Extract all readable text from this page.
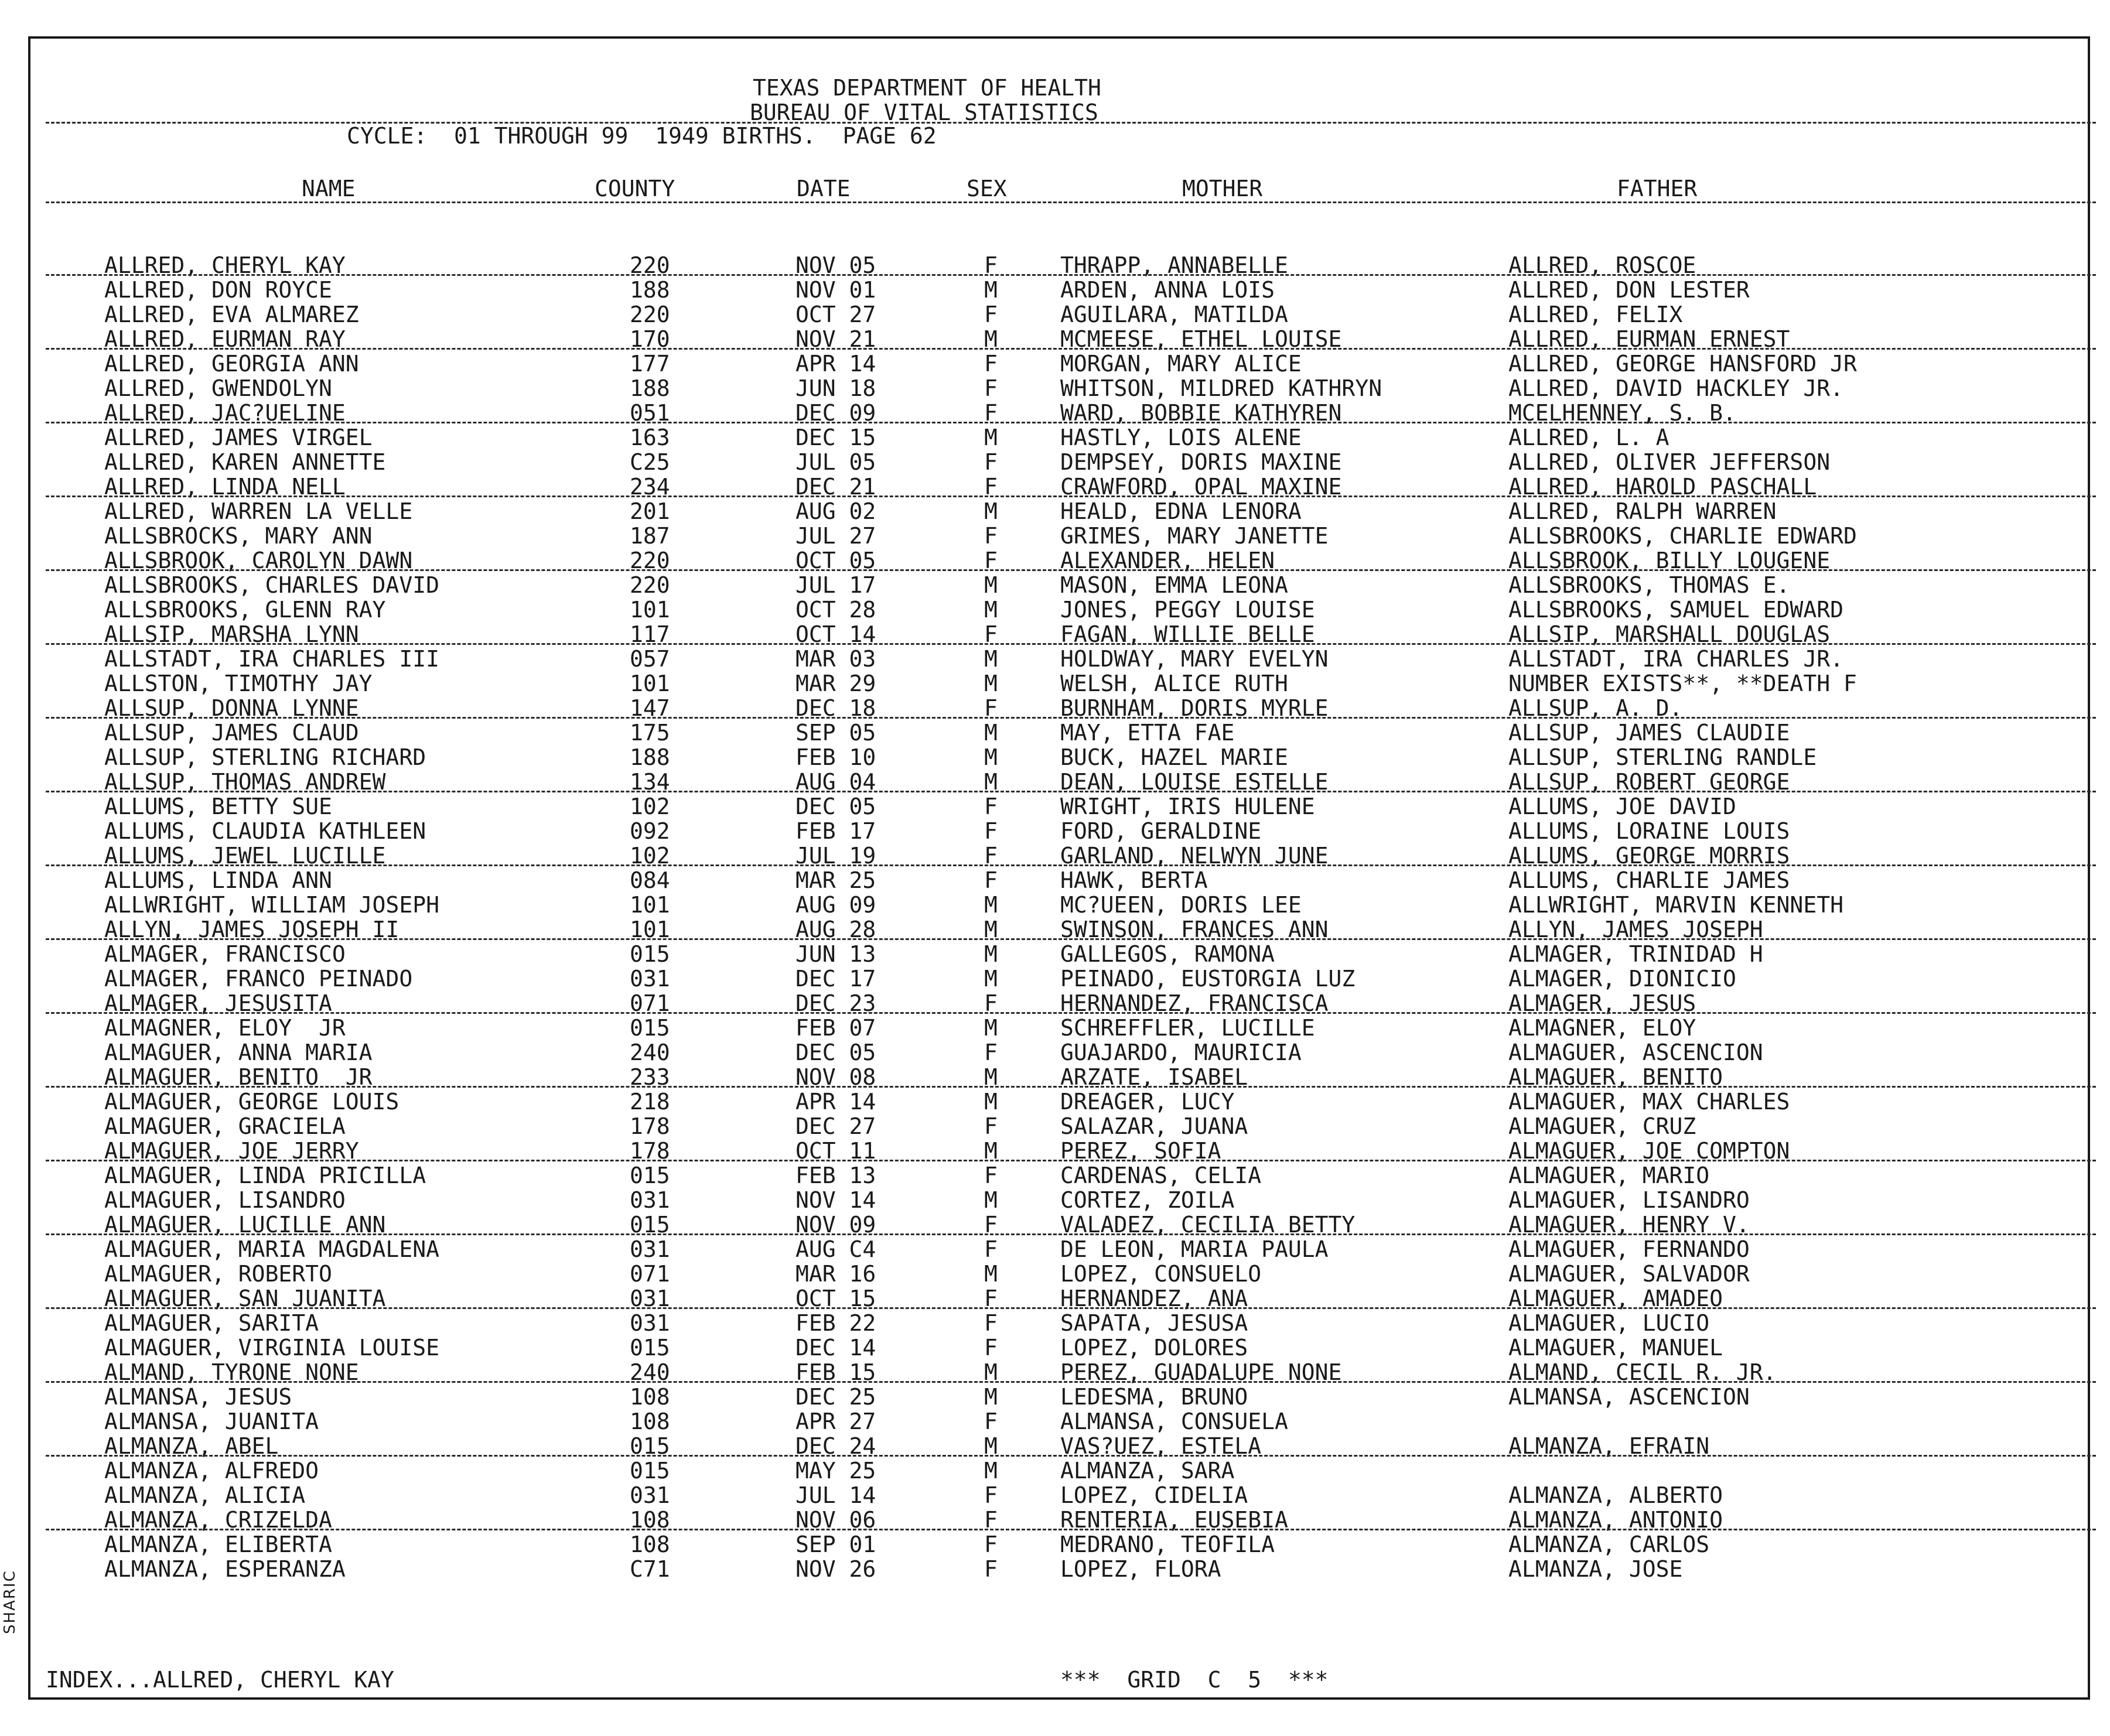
SHARIC
TEXAS DEPARTMENT OF HEALTH
BUREAU OF VITAL STATISTICS
CYCLE:  01 THROUGH 99  1949 BIRTHS.  PAGE 62
NAME	COUNTY	DATE	SEX	MOTHER	FATHER
ALLRED, CHERYL KAY	220	NOV 05	F	THRAPP, ANNABELLE	ALLRED, ROSCOE
ALLRED, DON ROYCE	188	NOV 01	M	ARDEN, ANNA LOIS	ALLRED, DON LESTER
ALLRED, EVA ALMAREZ	220	OCT 27	F	AGUILARA, MATILDA	ALLRED, FELIX
ALLRED, EURMAN RAY	170	NOV 21	M	MCMEESE, ETHEL LOUISE	ALLRED, EURMAN ERNEST
ALLRED, GEORGIA ANN	177	APR 14	F	MORGAN, MARY ALICE	ALLRED, GEORGE HANSFORD JR
ALLRED, GWENDOLYN	188	JUN 18	F	WHITSON, MILDRED KATHRYN	ALLRED, DAVID HACKLEY JR.
ALLRED, JAC?UELINE	051	DEC 09	F	WARD, BOBBIE KATHYREN	MCELHENNEY, S. B.
ALLRED, JAMES VIRGEL	163	DEC 15	M	HASTLY, LOIS ALENE	ALLRED, L. A
ALLRED, KAREN ANNETTE	C25	JUL 05	F	DEMPSEY, DORIS MAXINE	ALLRED, OLIVER JEFFERSON
ALLRED, LINDA NELL	234	DEC 21	F	CRAWFORD, OPAL MAXINE	ALLRED, HAROLD PASCHALL
ALLRED, WARREN LA VELLE	201	AUG 02	M	HEALD, EDNA LENORA	ALLRED, RALPH WARREN
ALLSBROCKS, MARY ANN	187	JUL 27	F	GRIMES, MARY JANETTE	ALLSBROOKS, CHARLIE EDWARD
ALLSBROOK, CAROLYN DAWN	220	OCT 05	F	ALEXANDER, HELEN	ALLSBROOK, BILLY LOUGENE
ALLSBROOKS, CHARLES DAVID	220	JUL 17	M	MASON, EMMA LEONA	ALLSBROOKS, THOMAS E.
ALLSBROOKS, GLENN RAY	101	OCT 28	M	JONES, PEGGY LOUISE	ALLSBROOKS, SAMUEL EDWARD
ALLSIP, MARSHA LYNN	117	OCT 14	F	FAGAN, WILLIE BELLE	ALLSIP, MARSHALL DOUGLAS
ALLSTADT, IRA CHARLES III	057	MAR 03	M	HOLDWAY, MARY EVELYN	ALLSTADT, IRA CHARLES JR.
ALLSTON, TIMOTHY JAY	101	MAR 29	M	WELSH, ALICE RUTH	NUMBER EXISTS**, **DEATH F
ALLSUP, DONNA LYNNE	147	DEC 18	F	BURNHAM, DORIS MYRLE	ALLSUP, A. D.
ALLSUP, JAMES CLAUD	175	SEP 05	M	MAY, ETTA FAE	ALLSUP, JAMES CLAUDIE
ALLSUP, STERLING RICHARD	188	FEB 10	M	BUCK, HAZEL MARIE	ALLSUP, STERLING RANDLE
ALLSUP, THOMAS ANDREW	134	AUG 04	M	DEAN, LOUISE ESTELLE	ALLSUP, ROBERT GEORGE
ALLUMS, BETTY SUE	102	DEC 05	F	WRIGHT, IRIS HULENE	ALLUMS, JOE DAVID
ALLUMS, CLAUDIA KATHLEEN	092	FEB 17	F	FORD, GERALDINE	ALLUMS, LORAINE LOUIS
ALLUMS, JEWEL LUCILLE	102	JUL 19	F	GARLAND, NELWYN JUNE	ALLUMS, GEORGE MORRIS
ALLUMS, LINDA ANN	084	MAR 25	F	HAWK, BERTA	ALLUMS, CHARLIE JAMES
ALLWRIGHT, WILLIAM JOSEPH	101	AUG 09	M	MC?UEEN, DORIS LEE	ALLWRIGHT, MARVIN KENNETH
ALLYN, JAMES JOSEPH II	101	AUG 28	M	SWINSON, FRANCES ANN	ALLYN, JAMES JOSEPH
ALMAGER, FRANCISCO	015	JUN 13	M	GALLEGOS, RAMONA	ALMAGER, TRINIDAD H
ALMAGER, FRANCO PEINADO	031	DEC 17	M	PEINADO, EUSTORGIA LUZ	ALMAGER, DIONICIO
ALMAGER, JESUSITA	071	DEC 23	F	HERNANDEZ, FRANCISCA	ALMAGER, JESUS
ALMAGNER, ELOY  JR	015	FEB 07	M	SCHREFFLER, LUCILLE	ALMAGNER, ELOY
ALMAGUER, ANNA MARIA	240	DEC 05	F	GUAJARDO, MAURICIA	ALMAGUER, ASCENCION
ALMAGUER, BENITO  JR	233	NOV 08	M	ARZATE, ISABEL	ALMAGUER, BENITO
ALMAGUER, GEORGE LOUIS	218	APR 14	M	DREAGER, LUCY	ALMAGUER, MAX CHARLES
ALMAGUER, GRACIELA	178	DEC 27	F	SALAZAR, JUANA	ALMAGUER, CRUZ
ALMAGUER, JOE JERRY	178	OCT 11	M	PEREZ, SOFIA	ALMAGUER, JOE COMPTON
ALMAGUER, LINDA PRICILLA	015	FEB 13	F	CARDENAS, CELIA	ALMAGUER, MARIO
ALMAGUER, LISANDRO	031	NOV 14	M	CORTEZ, ZOILA	ALMAGUER, LISANDRO
ALMAGUER, LUCILLE ANN	015	NOV 09	F	VALADEZ, CECILIA BETTY	ALMAGUER, HENRY V.
ALMAGUER, MARIA MAGDALENA	031	AUG C4	F	DE LEON, MARIA PAULA	ALMAGUER, FERNANDO
ALMAGUER, ROBERTO	071	MAR 16	M	LOPEZ, CONSUELO	ALMAGUER, SALVADOR
ALMAGUER, SAN JUANITA	031	OCT 15	F	HERNANDEZ, ANA	ALMAGUER, AMADEO
ALMAGUER, SARITA	031	FEB 22	F	SAPATA, JESUSA	ALMAGUER, LUCIO
ALMAGUER, VIRGINIA LOUISE	015	DEC 14	F	LOPEZ, DOLORES	ALMAGUER, MANUEL
ALMAND, TYRONE NONE	240	FEB 15	M	PEREZ, GUADALUPE NONE	ALMAND, CECIL R. JR.
ALMANSA, JESUS	108	DEC 25	M	LEDESMA, BRUNO	ALMANSA, ASCENCION
ALMANSA, JUANITA	108	APR 27	F	ALMANSA, CONSUELA
ALMANZA, ABEL	015	DEC 24	M	VAS?UEZ, ESTELA	ALMANZA, EFRAIN
ALMANZA, ALFREDO	015	MAY 25	M	ALMANZA, SARA
ALMANZA, ALICIA	031	JUL 14	F	LOPEZ, CIDELIA	ALMANZA, ALBERTO
ALMANZA, CRIZELDA	108	NOV 06	F	RENTERIA, EUSEBIA	ALMANZA, ANTONIO
ALMANZA, ELIBERTA	108	SEP 01	F	MEDRANO, TEOFILA	ALMANZA, CARLOS
ALMANZA, ESPERANZA	C71	NOV 26	F	LOPEZ, FLORA	ALMANZA, JOSE
INDEX...ALLRED, CHERYL KAY	***  GRID  C  5  ***
